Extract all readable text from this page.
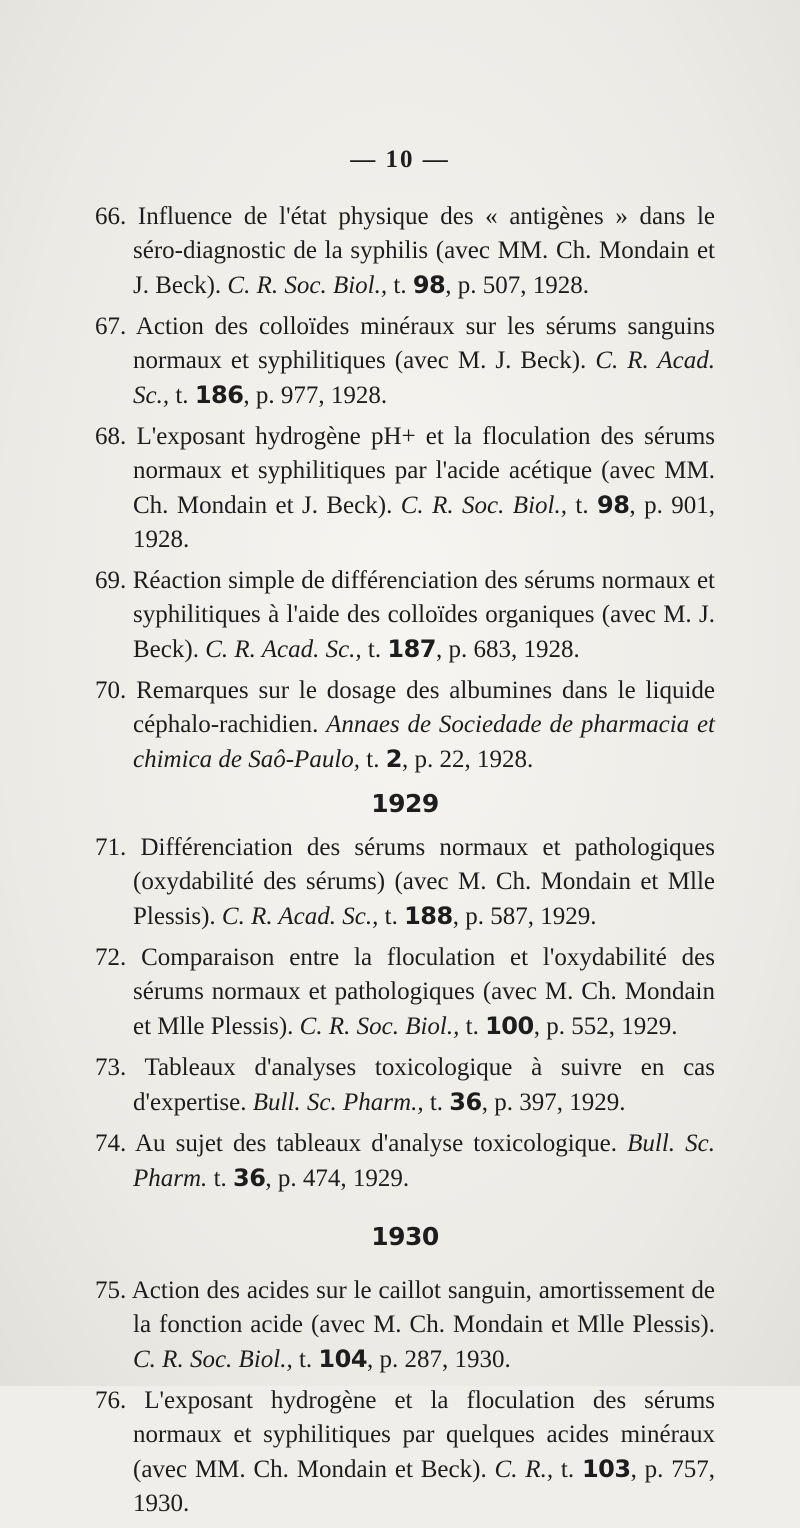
— 10 —

66. Influence de l'état physique des « antigènes » dans le séro-diagnostic de la syphilis (avec MM. Ch. Mondain et J. Beck). C. R. Soc. Biol., t. 98, p. 507, 1928.

67. Action des colloïdes minéraux sur les sérums sanguins normaux et syphilitiques (avec M. J. Beck). C. R. Acad. Sc., t. 186, p. 977, 1928.

68. L'exposant hydrogène pH+ et la floculation des sérums normaux et syphilitiques par l'acide acétique (avec MM. Ch. Mondain et J. Beck). C. R. Soc. Biol., t. 98, p. 901, 1928.

69. Réaction simple de différenciation des sérums normaux et syphilitiques à l'aide des colloïdes organiques (avec M. J. Beck). C. R. Acad. Sc., t. 187, p. 683, 1928.

70. Remarques sur le dosage des albumines dans le liquide céphalo-rachidien. Annaes de Sociedade de pharmacia et chimica de Saô-Paulo, t. 2, p. 22, 1928.

1929

71. Différenciation des sérums normaux et pathologiques (oxydabilité des sérums) (avec M. Ch. Mondain et Mlle Plessis). C. R. Acad. Sc., t. 188, p. 587, 1929.

72. Comparaison entre la floculation et l'oxydabilité des sérums normaux et pathologiques (avec M. Ch. Mondain et Mlle Plessis). C. R. Soc. Biol., t. 100, p. 552, 1929.

73. Tableaux d'analyses toxicologique à suivre en cas d'expertise. Bull. Sc. Pharm., t. 36, p. 397, 1929.

74. Au sujet des tableaux d'analyse toxicologique. Bull. Sc. Pharm. t. 36, p. 474, 1929.

1930

75. Action des acides sur le caillot sanguin, amortissement de la fonction acide (avec M. Ch. Mondain et Mlle Plessis). C. R. Soc. Biol., t. 104, p. 287, 1930.

76. L'exposant hydrogène et la floculation des sérums normaux et syphilitiques par quelques acides minéraux (avec MM. Ch. Mondain et Beck). C. R., t. 103, p. 757, 1930.
